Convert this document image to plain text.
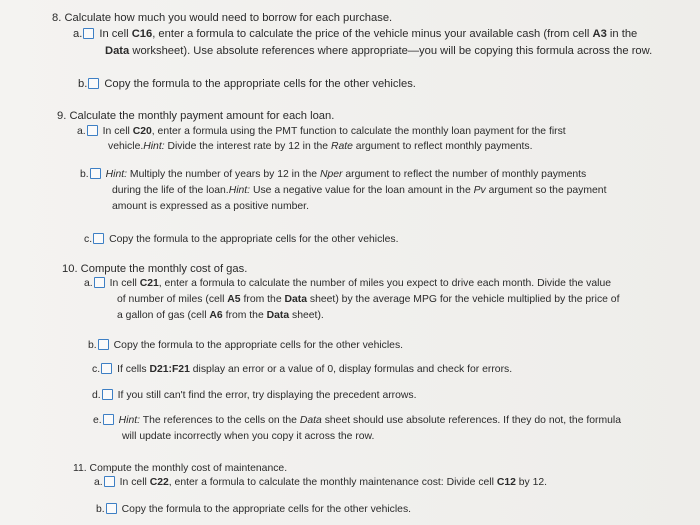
8. Calculate how much you would need to borrow for each purchase.
a. In cell C16, enter a formula to calculate the price of the vehicle minus your available cash (from cell A3 in the
Data worksheet). Use absolute references where appropriate—you will be copying this formula across the row.
b. Copy the formula to the appropriate cells for the other vehicles.
9. Calculate the monthly payment amount for each loan.
a. In cell C20, enter a formula using the PMT function to calculate the monthly loan payment for the first
vehicle.Hint: Divide the interest rate by 12 in the Rate argument to reflect monthly payments.
b. Hint: Multiply the number of years by 12 in the Nper argument to reflect the number of monthly payments
during the life of the loan.Hint: Use a negative value for the loan amount in the Pv argument so the payment
amount is expressed as a positive number.
c. Copy the formula to the appropriate cells for the other vehicles.
10. Compute the monthly cost of gas.
a. In cell C21, enter a formula to calculate the number of miles you expect to drive each month. Divide the value
of number of miles (cell A5 from the Data sheet) by the average MPG for the vehicle multiplied by the price of
a gallon of gas (cell A6 from the Data sheet).
b. Copy the formula to the appropriate cells for the other vehicles.
c. If cells D21:F21 display an error or a value of 0, display formulas and check for errors.
d. If you still can't find the error, try displaying the precedent arrows.
e. Hint: The references to the cells on the Data sheet should use absolute references. If they do not, the formula
will update incorrectly when you copy it across the row.
11. Compute the monthly cost of maintenance.
a. In cell C22, enter a formula to calculate the monthly maintenance cost: Divide cell C12 by 12.
b. Copy the formula to the appropriate cells for the other vehicles.
